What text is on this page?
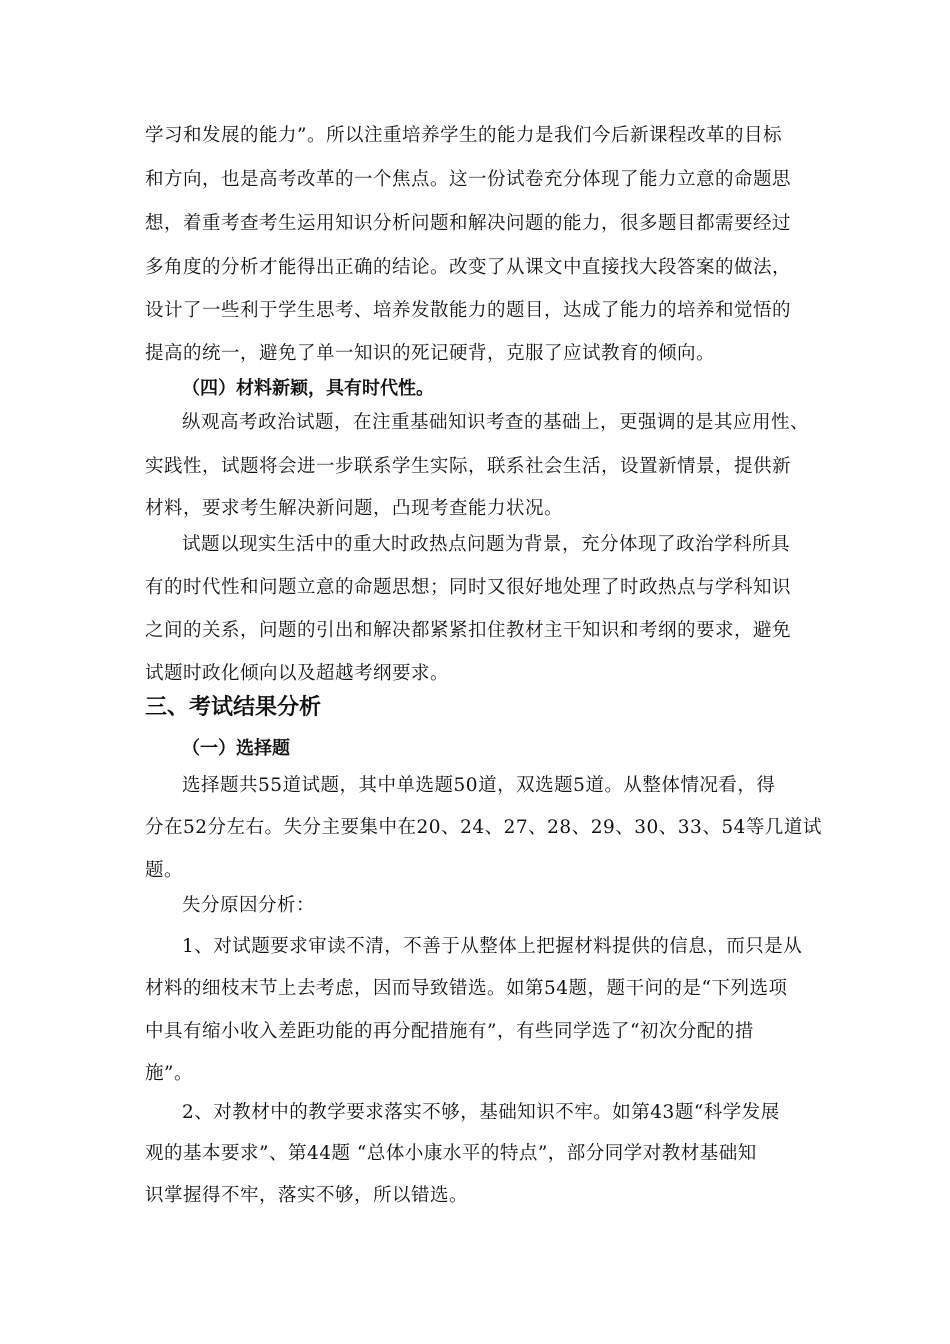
学习和发展的能力”。所以注重培养学生的能力是我们今后新课程改革的目标
和方向，也是高考改革的一个焦点。这一份试卷充分体现了能力立意的命题思
想，着重考查考生运用知识分析问题和解决问题的能力，很多题目都需要经过
多角度的分析才能得出正确的结论。改变了从课文中直接找大段答案的做法，
设计了一些利于学生思考、培养发散能力的题目，达成了能力的培养和觉悟的
提高的统一，避免了单一知识的死记硬背，克服了应试教育的倾向。
（四）材料新颖，具有时代性。
纵观高考政治试题，在注重基础知识考查的基础上，更强调的是其应用性、
实践性，试题将会进一步联系学生实际，联系社会生活，设置新情景，提供新
材料，要求考生解决新问题，凸现考查能力状况。
试题以现实生活中的重大时政热点问题为背景，充分体现了政治学科所具
有的时代性和问题立意的命题思想；同时又很好地处理了时政热点与学科知识
之间的关系，问题的引出和解决都紧紧扣住教材主干知识和考纲的要求，避免
试题时政化倾向以及超越考纲要求。
三、考试结果分析
（一）选择题
选择题共55道试题，其中单选题50道，双选题5道。从整体情况看，得
分在52分左右。失分主要集中在20、24、27、28、29、30、33、54等几道试
题。
失分原因分析：
1、对试题要求审读不清，不善于从整体上把握材料提供的信息，而只是从
材料的细枝末节上去考虑，因而导致错选。如第54题，题干问的是“下列选项
中具有缩小收入差距功能的再分配措施有”，有些同学选了“初次分配的措
施”。
2、对教材中的教学要求落实不够，基础知识不牢。如第43题“科学发展
观的基本要求”、第44题 “总体小康水平的特点”，部分同学对教材基础知
识掌握得不牢，落实不够，所以错选。
